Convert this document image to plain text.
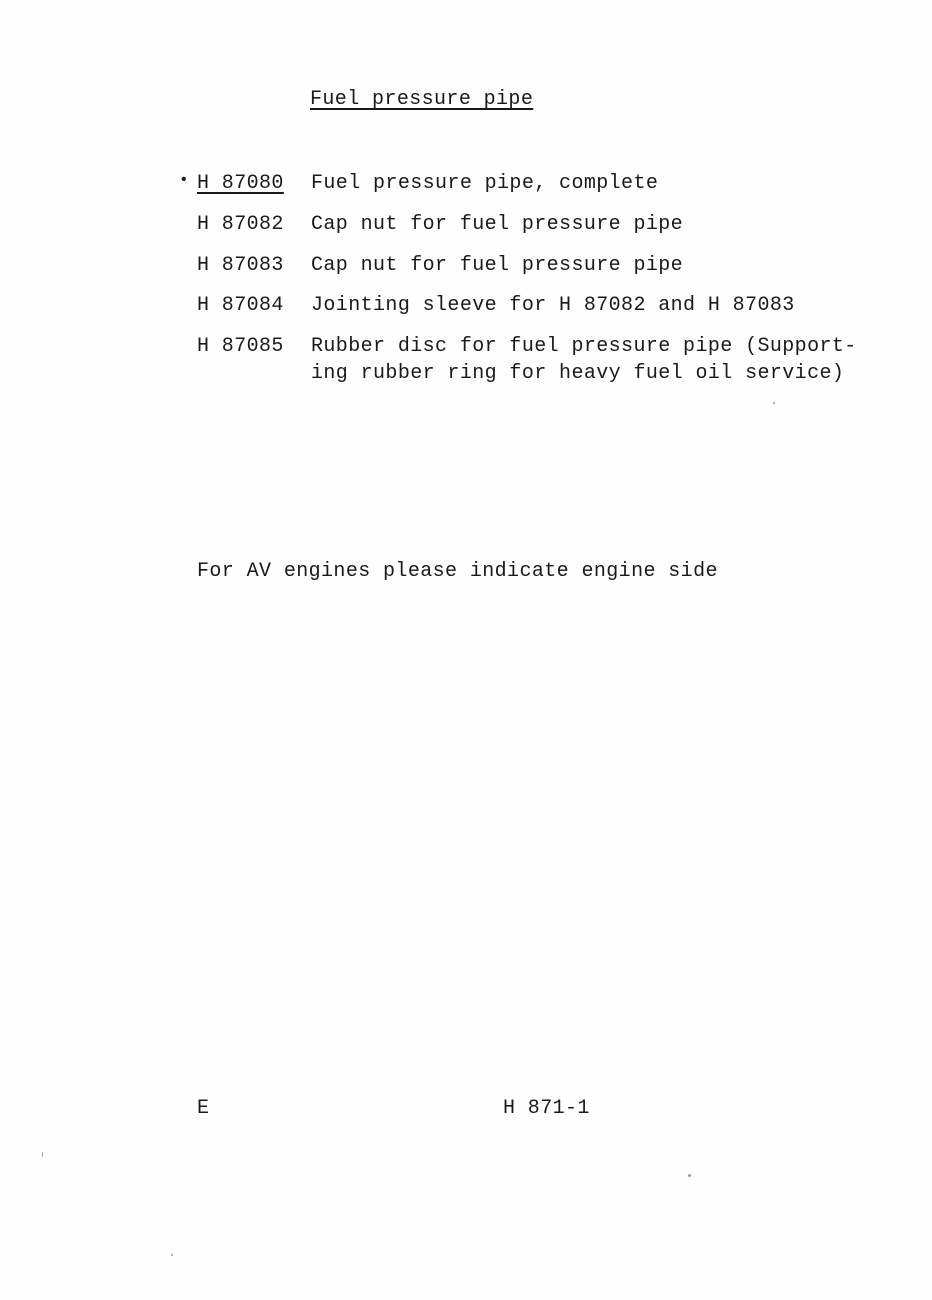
Fuel pressure pipe
• H 87080 Fuel pressure pipe, complete
H 87082 Cap nut for fuel pressure pipe
H 87083 Cap nut for fuel pressure pipe
H 87084 Jointing sleeve for H 87082 and H 87083
H 87085 Rubber disc for fuel pressure pipe (Support-
ing rubber ring for heavy fuel oil service)
For AV engines please indicate engine side
E	H 871-1
